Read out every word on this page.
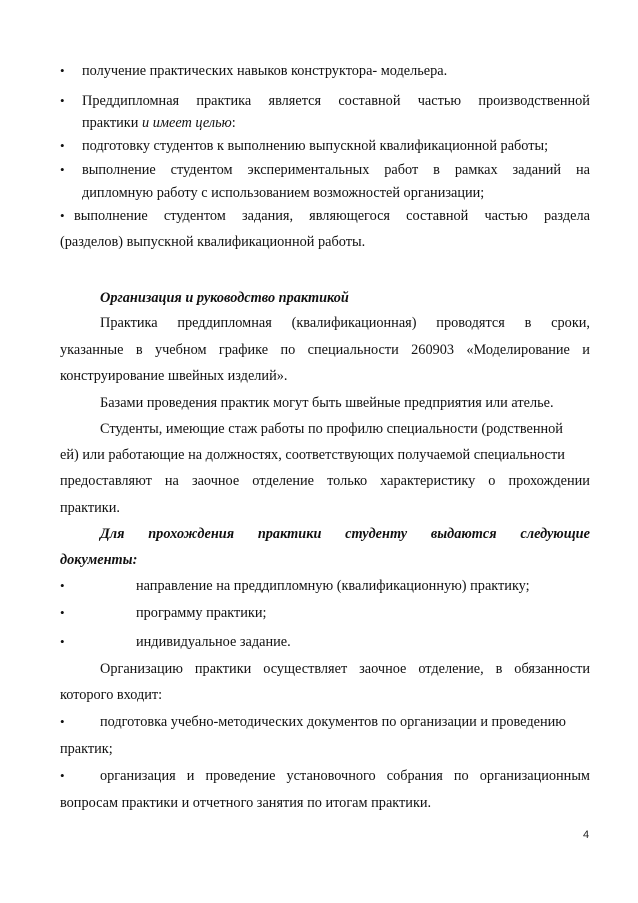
• получение практических навыков конструктора- модельера.
• Преддипломная практика является составной частью производственной
практики и имеет целью:
• подготовку студентов к выполнению выпускной квалификационной работы;
• выполнение студентом экспериментальных работ в рамках заданий на
дипломную работу с использованием возможностей организации;
• выполнение студентом задания, являющегося составной частью раздела
(разделов) выпускной квалификационной работы.
Организация и руководство практикой
Практика преддипломная (квалификационная) проводятся в сроки,
указанные в учебном графике по специальности 260903 «Моделирование и
конструирование швейных изделий».
Базами проведения практик могут быть швейные предприятия или ателье.
Студенты, имеющие стаж работы по профилю специальности (родственной
ей) или работающие на должностях, соответствующих получаемой специальности
предоставляют на заочное отделение только характеристику о прохождении
практики.
Для прохождения практики студенту выдаются следующие
документы:
•	направление на преддипломную (квалификационную) практику;
•	программу практики;
•	индивидуальное задание.
Организацию практики осуществляет заочное отделение, в обязанности
которого входит:
• подготовка учебно-методических документов по организации и проведению
практик;
• организация и проведение установочного собрания по организационным
вопросам практики и отчетного занятия по итогам практики.
4
